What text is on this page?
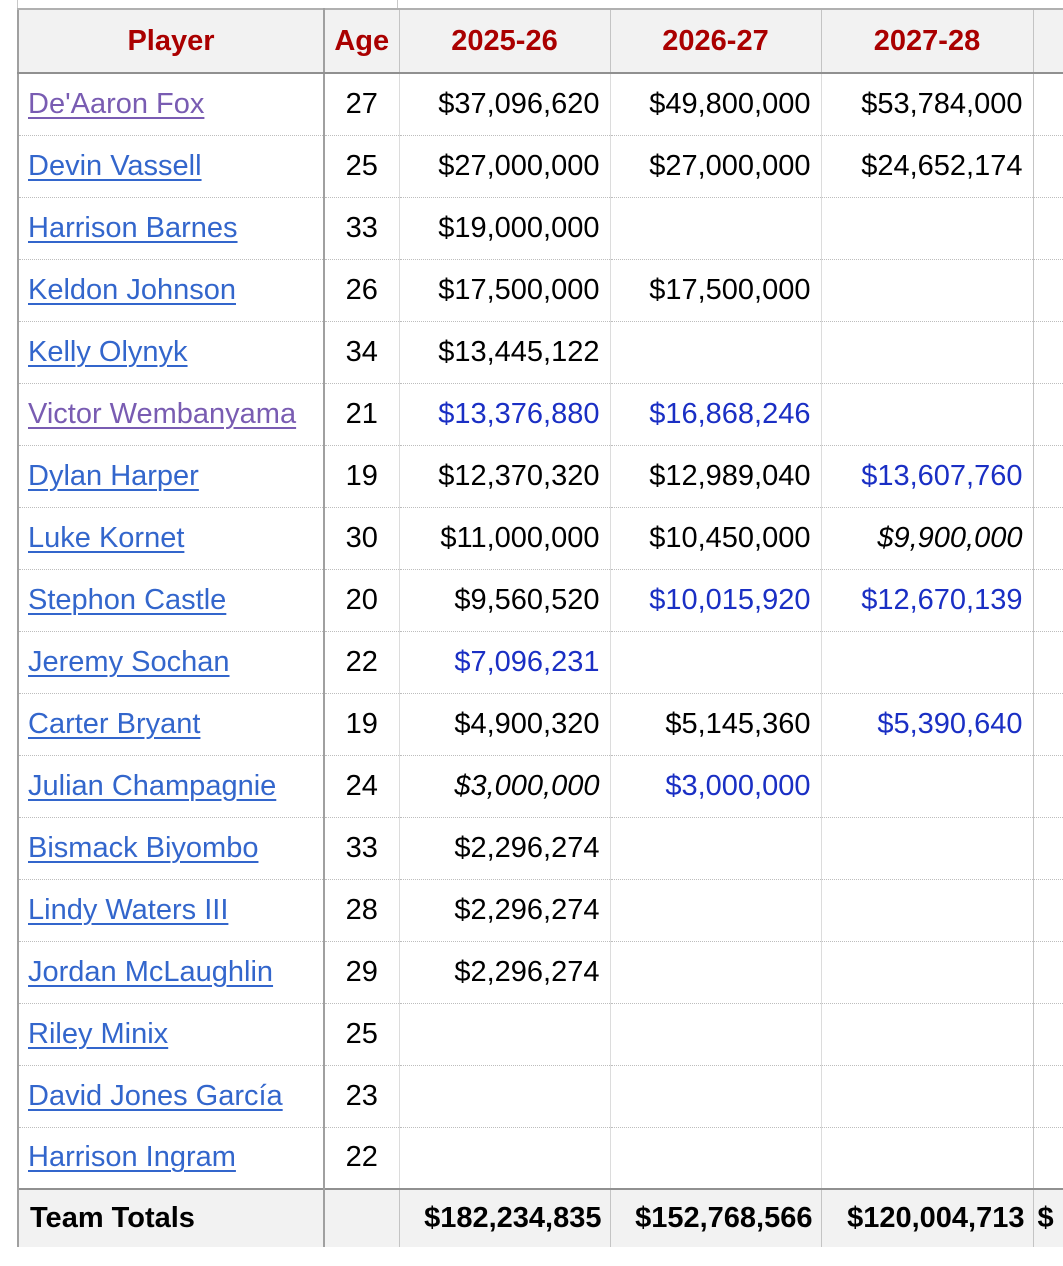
Player	Age	2025-26	2026-27	2027-28	
De'Aaron Fox	27	$37,096,620	$49,800,000	$53,784,000	
Devin Vassell	25	$27,000,000	$27,000,000	$24,652,174	
Harrison Barnes	33	$19,000,000			
Keldon Johnson	26	$17,500,000	$17,500,000		
Kelly Olynyk	34	$13,445,122			
Victor Wembanyama	21	$13,376,880	$16,868,246		
Dylan Harper	19	$12,370,320	$12,989,040	$13,607,760	
Luke Kornet	30	$11,000,000	$10,450,000	$9,900,000	
Stephon Castle	20	$9,560,520	$10,015,920	$12,670,139	
Jeremy Sochan	22	$7,096,231			
Carter Bryant	19	$4,900,320	$5,145,360	$5,390,640	
Julian Champagnie	24	$3,000,000	$3,000,000		
Bismack Biyombo	33	$2,296,274			
Lindy Waters III	28	$2,296,274			
Jordan McLaughlin	29	$2,296,274			
Riley Minix	25				
David Jones García	23				
Harrison Ingram	22				
Team Totals		$182,234,835	$152,768,566	$120,004,713	$
